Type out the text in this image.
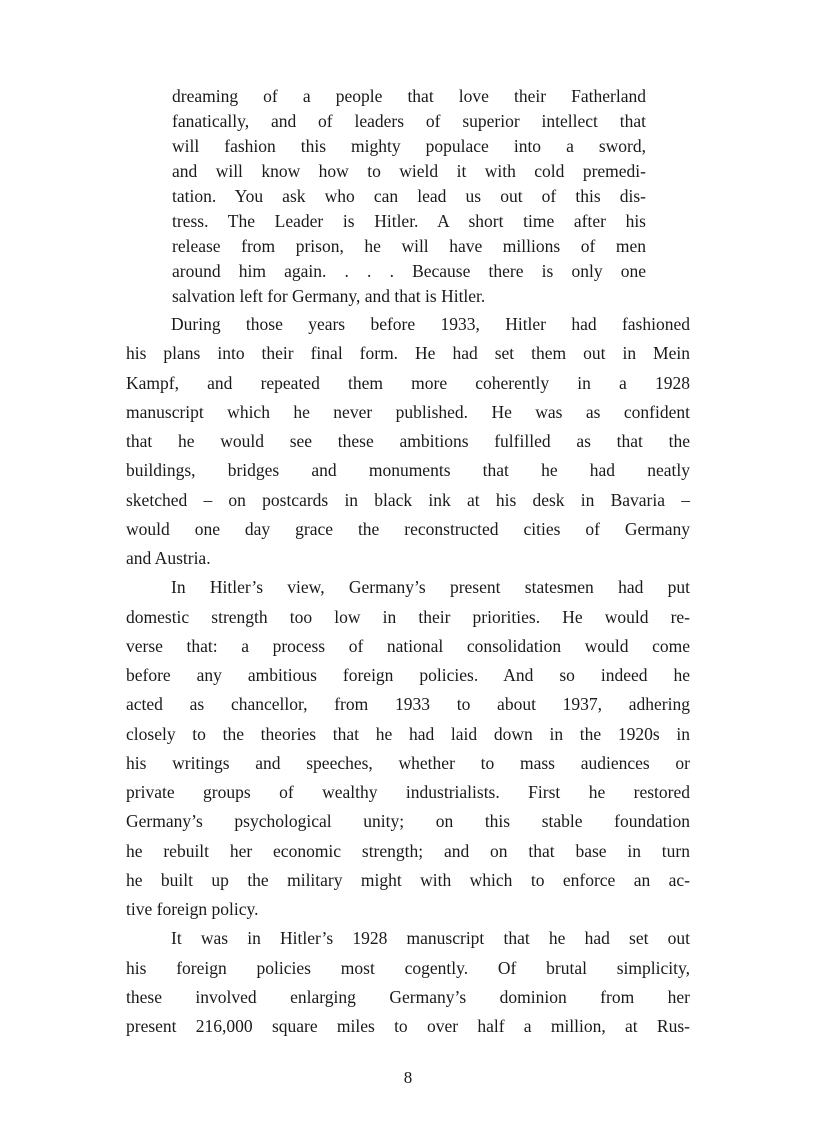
dreaming of a people that love their Fatherland
fanatically, and of leaders of superior intellect that
will fashion this mighty populace into a sword,
and will know how to wield it with cold premedi-
tation. You ask who can lead us out of this dis-
tress. The Leader is Hitler. A short time after his
release from prison, he will have millions of men
around him again. . . . Because there is only one
salvation left for Germany, and that is Hitler.
During those years before 1933, Hitler had fashioned
his plans into their final form. He had set them out in Mein
Kampf, and repeated them more coherently in a 1928
manuscript which he never published. He was as confident
that he would see these ambitions fulfilled as that the
buildings, bridges and monuments that he had neatly
sketched – on postcards in black ink at his desk in Bavaria –
would one day grace the reconstructed cities of Germany
and Austria.
In Hitler’s view, Germany’s present statesmen had put
domestic strength too low in their priorities. He would re-
verse that: a process of national consolidation would come
before any ambitious foreign policies. And so indeed he
acted as chancellor, from 1933 to about 1937, adhering
closely to the theories that he had laid down in the 1920s in
his writings and speeches, whether to mass audiences or
private groups of wealthy industrialists. First he restored
Germany’s psychological unity; on this stable foundation
he rebuilt her economic strength; and on that base in turn
he built up the military might with which to enforce an ac-
tive foreign policy.
It was in Hitler’s 1928 manuscript that he had set out
his foreign policies most cogently. Of brutal simplicity,
these involved enlarging Germany’s dominion from her
present 216,000 square miles to over half a million, at Rus-
8
